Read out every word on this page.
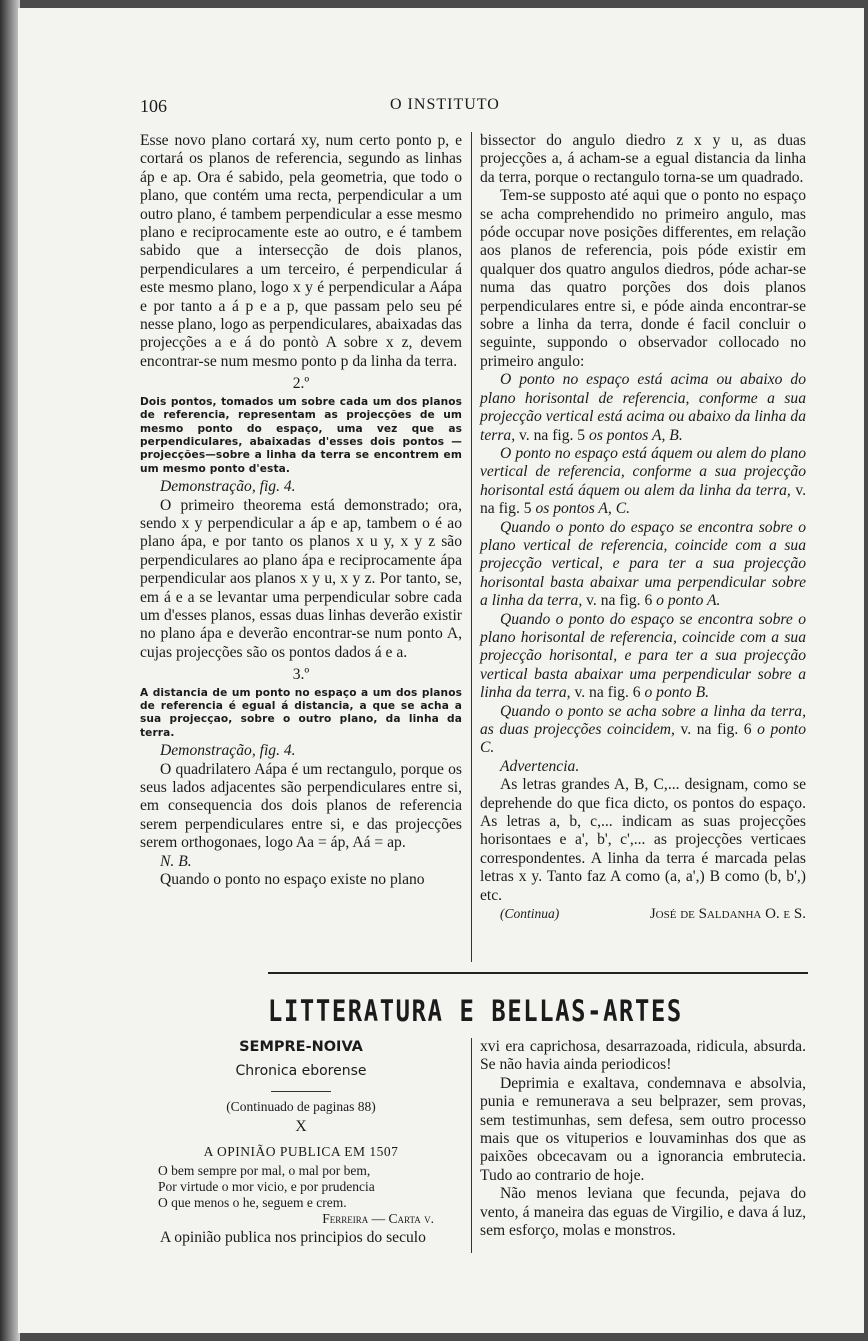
106	O INSTITUTO

Esse novo plano cortará xy, num certo ponto p, e cortará os planos de referencia, segundo as linhas áp e ap. Ora é sabido, pela geometria, que todo o plano, que contém uma recta, perpendicular a um outro plano, é tambem perpendicular a esse mesmo plano e reciprocamente este ao outro, e é tambem sabido que a intersecção de dois planos, perpendiculares a um terceiro, é perpendicular á este mesmo plano, logo x y é perpendicular a Aápa e por tanto a á p e a p, que passam pelo seu pé nesse plano, logo as perpendiculares, abaixadas das projecções a e á do pontò A sobre x z, devem encontrar-se num mesmo ponto p da linha da terra.

2.º

Dois pontos, tomados um sobre cada um dos planos de referencia, representam as projecções de um mesmo ponto do espaço, uma vez que as perpendiculares, abaixadas d'esses dois pontos —projecções—sobre a linha da terra se encontrem em um mesmo ponto d'esta.

Demonstração, fig. 4.

O primeiro theorema está demonstrado; ora, sendo x y perpendicular a áp e ap, tambem o é ao plano ápa, e por tanto os planos x u y, x y z são perpendiculares ao plano ápa e reciprocamente ápa perpendicular aos planos x y u, x y z. Por tanto, se, em á e a se levantar uma perpendicular sobre cada um d'esses planos, essas duas linhas deverão existir no plano ápa e deverão encontrar-se num ponto A, cujas projecções são os pontos dados á e a.

3.º

A distancia de um ponto no espaço a um dos planos de referencia é egual á distancia, a que se acha a sua projecçao, sobre o outro plano, da linha da terra.

Demonstração, fig. 4.

O quadrilatero Aápa é um rectangulo, porque os seus lados adjacentes são perpendiculares entre si, em consequencia dos dois planos de referencia serem perpendiculares entre si, e das projecções serem orthogonaes, logo Aa = áp, Aá = ap.

N. B.

Quando o ponto no espaço existe no plano

bissector do angulo diedro z x y u, as duas projecções a, á acham-se a egual distancia da linha da terra, porque o rectangulo torna-se um quadrado.

Tem-se supposto até aqui que o ponto no espaço se acha comprehendido no primeiro angulo, mas póde occupar nove posições differentes, em relação aos planos de referencia, pois póde existir em qualquer dos quatro angulos diedros, póde achar-se numa das quatro porções dos dois planos perpendiculares entre si, e póde ainda encontrar-se sobre a linha da terra, donde é facil concluir o seguinte, suppondo o observador collocado no primeiro angulo:

O ponto no espaço está acima ou abaixo do plano horisontal de referencia, conforme a sua projecção vertical está acima ou abaixo da linha da terra, v. na fig. 5 os pontos A, B.

O ponto no espaço está áquem ou alem do plano vertical de referencia, conforme a sua projecção horisontal está áquem ou alem da linha da terra, v. na fig. 5 os pontos A, C.

Quando o ponto do espaço se encontra sobre o plano vertical de referencia, coincide com a sua projecção vertical, e para ter a sua projecção horisontal basta abaixar uma perpendicular sobre a linha da terra, v. na fig. 6 o ponto A.

Quando o ponto do espaço se encontra sobre o plano horisontal de referencia, coincide com a sua projecção horisontal, e para ter a sua projecção vertical basta abaixar uma perpendicular sobre a linha da terra, v. na fig. 6 o ponto B.

Quando o ponto se acha sobre a linha da terra, as duas projecções coincidem, v. na fig. 6 o ponto C.

Advertencia.

As letras grandes A, B, C,... designam, como se deprehende do que fica dicto, os pontos do espaço. As letras a, b, c,... indicam as suas projecções horisontaes e a', b', c',... as projecções verticaes correspondentes. A linha da terra é marcada pelas letras x y. Tanto faz A como (a, a',) B como (b, b',) etc.

(Continua)	José de Saldanha O. e S.

LITTERATURA E BELLAS-ARTES

SEMPRE-NOIVA

Chronica eborense

(Continuado de paginas 88)

X

A OPINIÃO PUBLICA EM 1507

O bem sempre por mal, o mal por bem,

Por virtude o mor vicio, e por prudencia

O que menos o he, seguem e crem.

Ferreira — Carta v.

A opinião publica nos principios do seculo

xvi era caprichosa, desarrazoada, ridicula, absurda. Se não havia ainda periodicos!

Deprimia e exaltava, condemnava e absolvia, punia e remunerava a seu belprazer, sem provas, sem testimunhas, sem defesa, sem outro processo mais que os vituperios e louvaminhas dos que as paixões obcecavam ou a ignorancia embrutecia. Tudo ao contrario de hoje.

Não menos leviana que fecunda, pejava do vento, á maneira das eguas de Virgilio, e dava á luz, sem esforço, molas e monstros.
